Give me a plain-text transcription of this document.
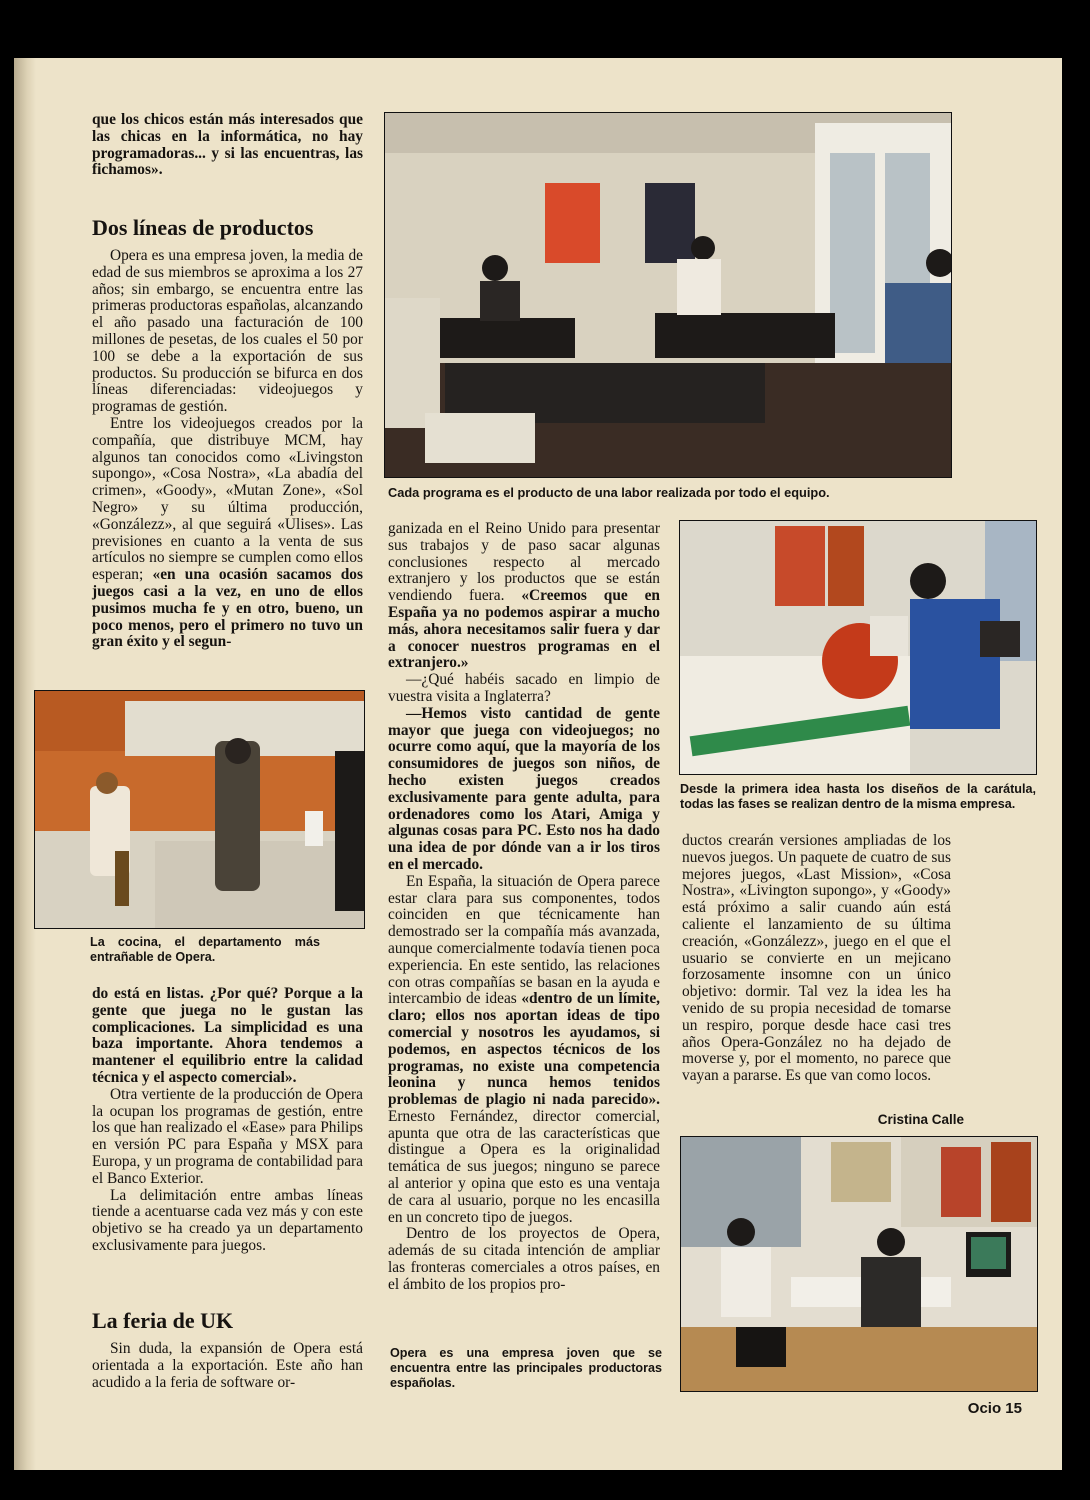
que los chicos están más interesados que las chicas en la informática, no hay programadoras... y si las encuentras, las fichamos».

Dos líneas de productos

Opera es una empresa joven, la media de edad de sus miembros se aproxima a los 27 años; sin embargo, se encuentra entre las primeras productoras españolas, alcanzando el año pasado una facturación de 100 millones de pesetas, de los cuales el 50 por 100 se debe a la exportación de sus productos. Su producción se bifurca en dos líneas diferenciadas: videojuegos y programas de gestión.

Entre los videojuegos creados por la compañía, que distribuye MCM, hay algunos tan conocidos como «Livingston supongo», «Cosa Nostra», «La abadía del crimen», «Goody», «Mutan Zone», «Sol Negro» y su última producción, «Gonzálezz», al que seguirá «Ulises». Las previsiones en cuanto a la venta de sus artículos no siempre se cumplen como ellos esperan; «en una ocasión sacamos dos juegos casi a la vez, en uno de ellos pusimos mucha fe y en otro, bueno, un poco menos, pero el primero no tuvo un gran éxito y el segun-

La cocina, el departamento más entrañable de Opera.

do está en listas. ¿Por qué? Porque a la gente que juega no le gustan las complicaciones. La simplicidad es una baza importante. Ahora tendemos a mantener el equilibrio entre la calidad técnica y el aspecto comercial».

Otra vertiente de la producción de Opera la ocupan los programas de gestión, entre los que han realizado el «Ease» para Philips en versión PC para España y MSX para Europa, y un programa de contabilidad para el Banco Exterior.

La delimitación entre ambas líneas tiende a acentuarse cada vez más y con este objetivo se ha creado ya un departamento exclusivamente para juegos.

La feria de UK

Sin duda, la expansión de Opera está orientada a la exportación. Este año han acudido a la feria de software or-

Cada programa es el producto de una labor realizada por todo el equipo.

ganizada en el Reino Unido para presentar sus trabajos y de paso sacar algunas conclusiones respecto al mercado extranjero y los productos que se están vendiendo fuera. «Creemos que en España ya no podemos aspirar a mucho más, ahora necesitamos salir fuera y dar a conocer nuestros programas en el extranjero.»

—¿Qué habéis sacado en limpio de vuestra visita a Inglaterra?

—Hemos visto cantidad de gente mayor que juega con videojuegos; no ocurre como aquí, que la mayoría de los consumidores de juegos son niños, de hecho existen juegos creados exclusivamente para gente adulta, para ordenadores como los Atari, Amiga y algunas cosas para PC. Esto nos ha dado una idea de por dónde van a ir los tiros en el mercado.

En España, la situación de Opera parece estar clara para sus componentes, todos coinciden en que técnicamente han demostrado ser la compañía más avanzada, aunque comercialmente todavía tienen poca experiencia. En este sentido, las relaciones con otras compañías se basan en la ayuda e intercambio de ideas «dentro de un límite, claro; ellos nos aportan ideas de tipo comercial y nosotros les ayudamos, si podemos, en aspectos técnicos de los programas, no existe una competencia leonina y nunca hemos tenidos problemas de plagio ni nada parecido». Ernesto Fernández, director comercial, apunta que otra de las características que distingue a Opera es la originalidad temática de sus juegos; ninguno se parece al anterior y opina que esto es una ventaja de cara al usuario, porque no les encasilla en un concreto tipo de juegos.

Dentro de los proyectos de Opera, además de su citada intención de ampliar las fronteras comerciales a otros países, en el ámbito de los propios pro-

Opera es una empresa joven que se encuentra entre las principales productoras españolas.
Desde la primera idea hasta los diseños de la carátula, todas las fases se realizan dentro de la misma empresa.

ductos crearán versiones ampliadas de los nuevos juegos. Un paquete de cuatro de sus mejores juegos, «Last Mission», «Cosa Nostra», «Livington supongo», y «Goody» está próximo a salir cuando aún está caliente el lanzamiento de su última creación, «Gonzálezz», juego en el que el usuario se convierte en un mejicano forzosamente insomne con un único objetivo: dormir. Tal vez la idea les ha venido de su propia necesidad de tomarse un respiro, porque desde hace casi tres años Opera-González no ha dejado de moverse y, por el momento, no parece que vayan a pararse. Es que van como locos.

Cristina Calle
Ocio 15
